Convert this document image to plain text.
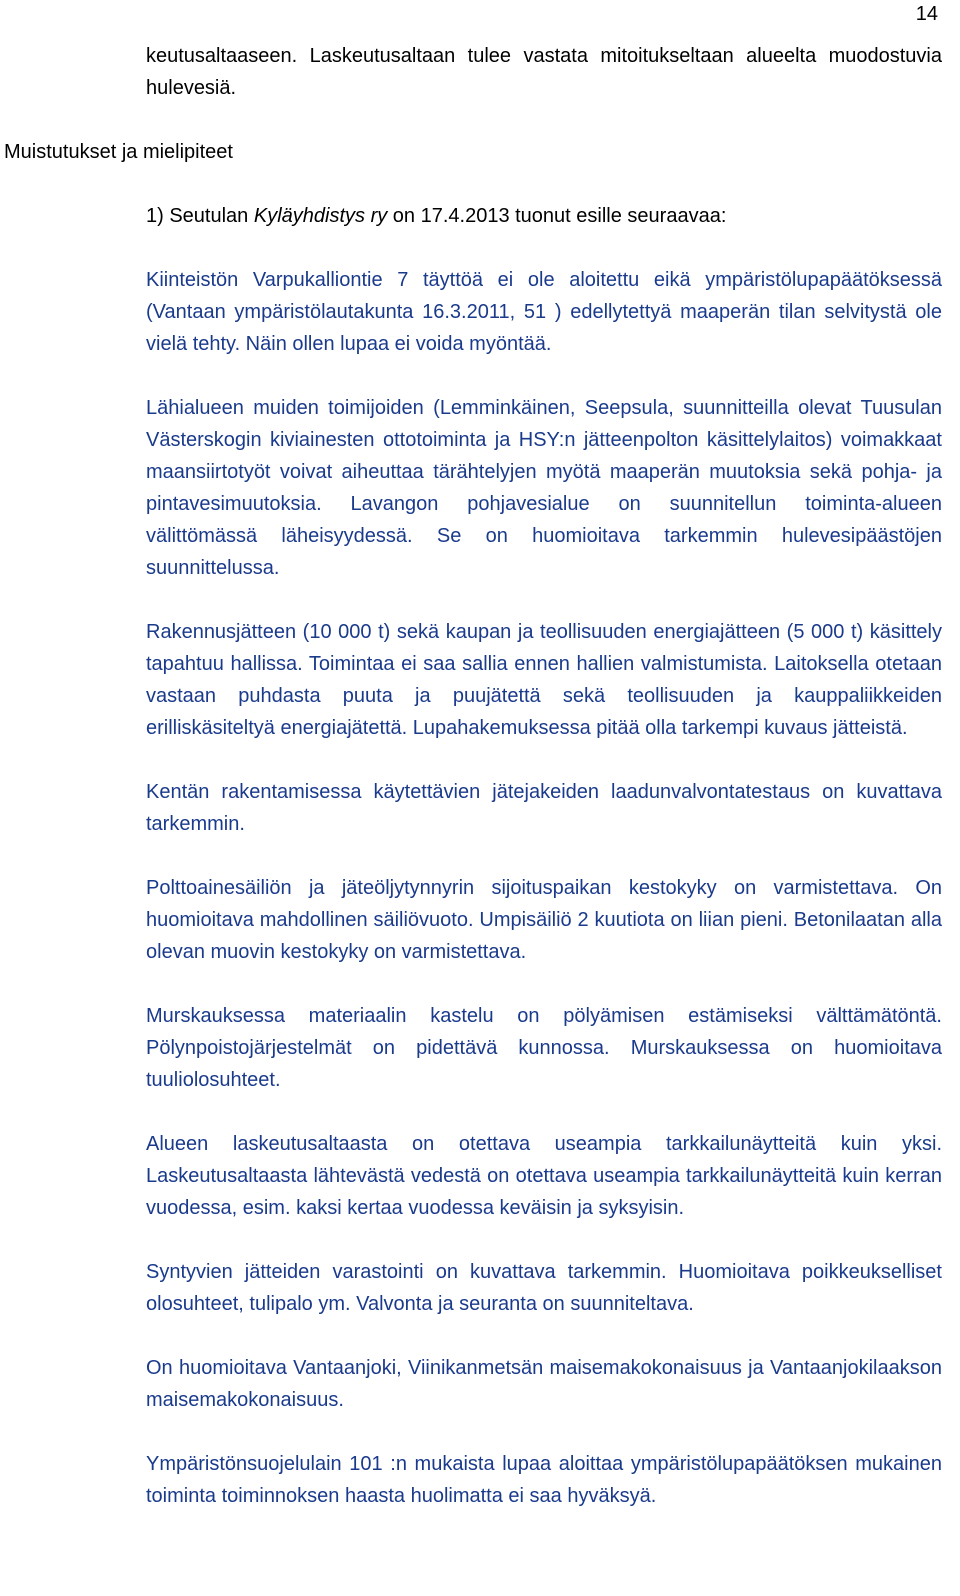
14

keutusaltaaseen. Laskeutusaltaan tulee vastata mitoitukseltaan alueelta muodostuvia hulevesiä.

Muistutukset ja mielipiteet

1) Seutulan Kyläyhdistys ry on 17.4.2013 tuonut esille seuraavaa:

Kiinteistön Varpukalliontie 7 täyttöä ei ole aloitettu eikä ympäristölupapäätöksessä (Vantaan ympäristölautakunta 16.3.2011, 51 ) edellytettyä maaperän tilan selvitystä ole vielä tehty. Näin ollen lupaa ei voida myöntää.

Lähialueen muiden toimijoiden (Lemminkäinen, Seepsula, suunnitteilla olevat Tuusulan Västerskogin kiviainesten ottotoiminta ja HSY:n jätteenpolton käsittelylaitos) voimakkaat maansiirtotyöt voivat aiheuttaa tärähtelyjen myötä maaperän muutoksia sekä pohja- ja pintavesimuutoksia. Lavangon pohjavesialue on suunnitellun toiminta-alueen välittömässä läheisyydessä. Se on huomioitava tarkemmin hulevesipäästöjen suunnittelussa.

Rakennusjätteen (10 000 t) sekä kaupan ja teollisuuden energiajätteen (5 000 t) käsittely tapahtuu hallissa. Toimintaa ei saa sallia ennen hallien valmistumista. Laitoksella otetaan vastaan puhdasta puuta ja puujätettä sekä teollisuuden ja kauppaliikkeiden erilliskäsiteltyä energiajätettä. Lupahakemuksessa pitää olla tarkempi kuvaus jätteistä.

Kentän rakentamisessa käytettävien jätejakeiden laadunvalvontatestaus on kuvattava tarkemmin.

Polttoainesäiliön ja jäteöljytynnyrin sijoituspaikan kestokyky on varmistettava. On huomioitava mahdollinen säiliövuoto. Umpisäiliö 2 kuutiota on liian pieni. Betonilaatan alla olevan muovin kestokyky on varmistettava.

Murskauksessa materiaalin kastelu on pölyämisen estämiseksi välttämätöntä. Pölynpoistojärjestelmät on pidettävä kunnossa. Murskauksessa on huomioitava tuuliolosuhteet.

Alueen laskeutusaltaasta on otettava useampia tarkkailunäytteitä kuin yksi. Laskeutusaltaasta lähtevästä vedestä on otettava useampia tarkkailunäytteitä kuin kerran vuodessa, esim. kaksi kertaa vuodessa keväisin ja syksyisin.

Syntyvien jätteiden varastointi on kuvattava tarkemmin. Huomioitava poikkeukselliset olosuhteet, tulipalo ym. Valvonta ja seuranta on suunniteltava.

On huomioitava Vantaanjoki, Viinikanmetsän maisemakokonaisuus ja Vantaanjokilaakson maisemakokonaisuus.

Ympäristönsuojelulain 101 :n mukaista lupaa aloittaa ympäristölupapäätöksen mukainen toiminta toiminnoksen haasta huolimatta ei saa hyväksyä.
